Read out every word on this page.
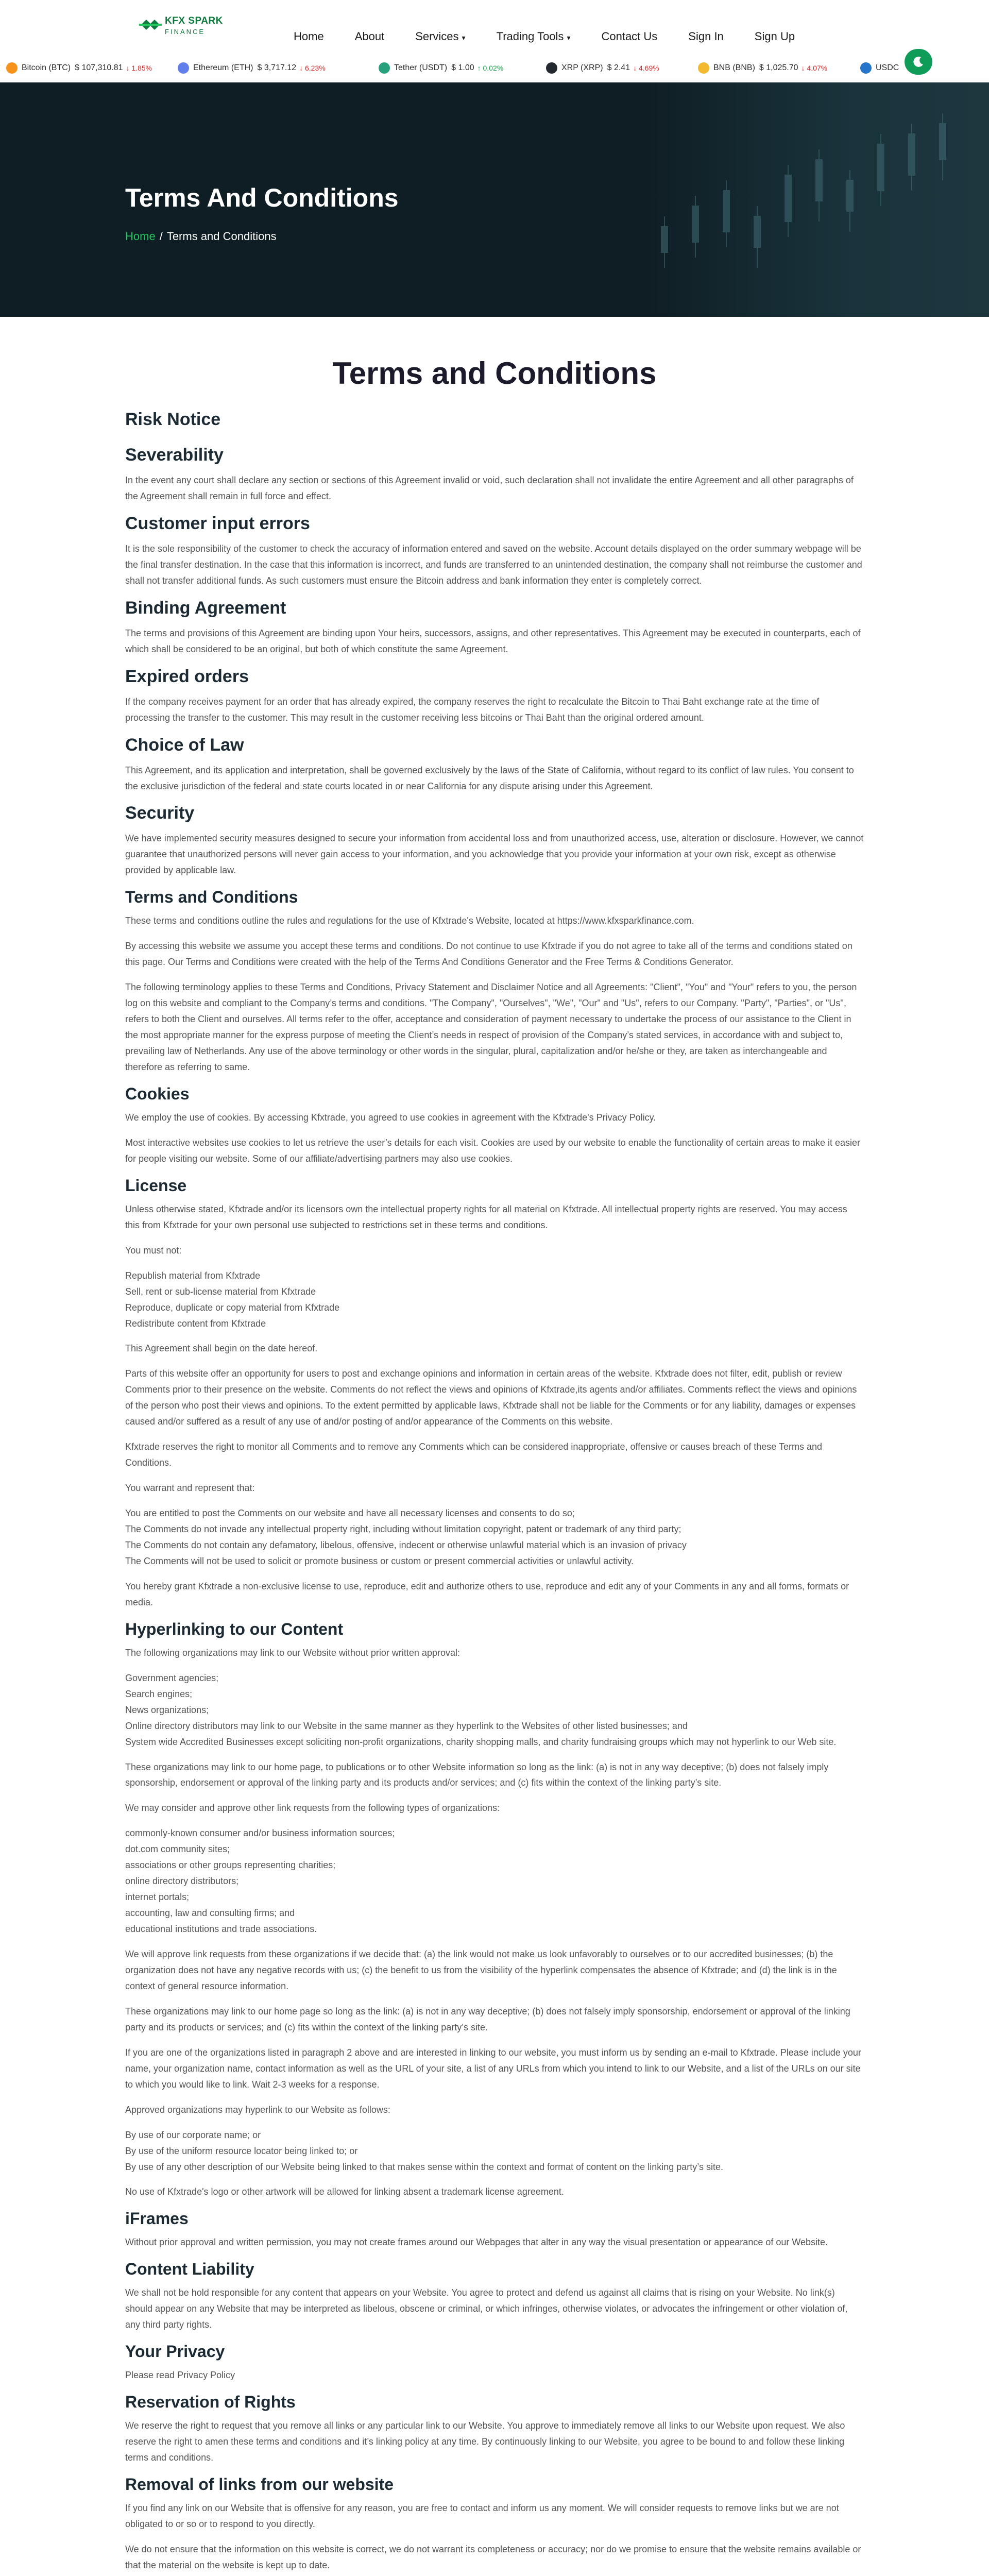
KFX SPARK
FINANCE	Home	About	Services ▾	Trading Tools ▾	Contact Us	Sign In	Sign Up
Bitcoin (BTC) $ 107,310.81 ↓ 1.85%	Ethereum (ETH) $ 3,717.12 ↓ 6.23%	Tether (USDT) $ 1.00 ↑ 0.02%	XRP (XRP) $ 2.41 ↓ 4.69%	BNB (BNB) $ 1,025.70 ↓ 4.07%	USDC
Terms And Conditions
Home / Terms and Conditions
Terms and Conditions
Risk Notice
Severability
In the event any court shall declare any section or sections of this Agreement invalid or void, such declaration shall not invalidate the entire Agreement and all other paragraphs of the Agreement shall remain in full force and effect.
Customer input errors
It is the sole responsibility of the customer to check the accuracy of information entered and saved on the website. Account details displayed on the order summary webpage will be the final transfer destination. In the case that this information is incorrect, and funds are transferred to an unintended destination, the company shall not reimburse the customer and shall not transfer additional funds. As such customers must ensure the Bitcoin address and bank information they enter is completely correct.
Binding Agreement
The terms and provisions of this Agreement are binding upon Your heirs, successors, assigns, and other representatives. This Agreement may be executed in counterparts, each of which shall be considered to be an original, but both of which constitute the same Agreement.
Expired orders
If the company receives payment for an order that has already expired, the company reserves the right to recalculate the Bitcoin to Thai Baht exchange rate at the time of processing the transfer to the customer. This may result in the customer receiving less bitcoins or Thai Baht than the original ordered amount.
Choice of Law
This Agreement, and its application and interpretation, shall be governed exclusively by the laws of the State of California, without regard to its conflict of law rules. You consent to the exclusive jurisdiction of the federal and state courts located in or near California for any dispute arising under this Agreement.
Security
We have implemented security measures designed to secure your information from accidental loss and from unauthorized access, use, alteration or disclosure. However, we cannot guarantee that unauthorized persons will never gain access to your information, and you acknowledge that you provide your information at your own risk, except as otherwise provided by applicable law.
Terms and Conditions
These terms and conditions outline the rules and regulations for the use of Kfxtrade's Website, located at https://www.kfxsparkfinance.com.
By accessing this website we assume you accept these terms and conditions. Do not continue to use Kfxtrade if you do not agree to take all of the terms and conditions stated on this page. Our Terms and Conditions were created with the help of the Terms And Conditions Generator and the Free Terms & Conditions Generator.
The following terminology applies to these Terms and Conditions, Privacy Statement and Disclaimer Notice and all Agreements: "Client", "You" and "Your" refers to you, the person log on this website and compliant to the Company’s terms and conditions. "The Company", "Ourselves", "We", "Our" and "Us", refers to our Company. "Party", "Parties", or "Us", refers to both the Client and ourselves. All terms refer to the offer, acceptance and consideration of payment necessary to undertake the process of our assistance to the Client in the most appropriate manner for the express purpose of meeting the Client’s needs in respect of provision of the Company’s stated services, in accordance with and subject to, prevailing law of Netherlands. Any use of the above terminology or other words in the singular, plural, capitalization and/or he/she or they, are taken as interchangeable and therefore as referring to same.
Cookies
We employ the use of cookies. By accessing Kfxtrade, you agreed to use cookies in agreement with the Kfxtrade's Privacy Policy.
Most interactive websites use cookies to let us retrieve the user’s details for each visit. Cookies are used by our website to enable the functionality of certain areas to make it easier for people visiting our website. Some of our affiliate/advertising partners may also use cookies.
License
Unless otherwise stated, Kfxtrade and/or its licensors own the intellectual property rights for all material on Kfxtrade. All intellectual property rights are reserved. You may access this from Kfxtrade for your own personal use subjected to restrictions set in these terms and conditions.
You must not:
Republish material from Kfxtrade
Sell, rent or sub-license material from Kfxtrade
Reproduce, duplicate or copy material from Kfxtrade
Redistribute content from Kfxtrade
This Agreement shall begin on the date hereof.
Parts of this website offer an opportunity for users to post and exchange opinions and information in certain areas of the website. Kfxtrade does not filter, edit, publish or review Comments prior to their presence on the website. Comments do not reflect the views and opinions of Kfxtrade,its agents and/or affiliates. Comments reflect the views and opinions of the person who post their views and opinions. To the extent permitted by applicable laws, Kfxtrade shall not be liable for the Comments or for any liability, damages or expenses caused and/or suffered as a result of any use of and/or posting of and/or appearance of the Comments on this website.
Kfxtrade reserves the right to monitor all Comments and to remove any Comments which can be considered inappropriate, offensive or causes breach of these Terms and Conditions.
You warrant and represent that:
You are entitled to post the Comments on our website and have all necessary licenses and consents to do so;
The Comments do not invade any intellectual property right, including without limitation copyright, patent or trademark of any third party;
The Comments do not contain any defamatory, libelous, offensive, indecent or otherwise unlawful material which is an invasion of privacy
The Comments will not be used to solicit or promote business or custom or present commercial activities or unlawful activity.
You hereby grant Kfxtrade a non-exclusive license to use, reproduce, edit and authorize others to use, reproduce and edit any of your Comments in any and all forms, formats or media.
Hyperlinking to our Content
The following organizations may link to our Website without prior written approval:
Government agencies;
Search engines;
News organizations;
Online directory distributors may link to our Website in the same manner as they hyperlink to the Websites of other listed businesses; and
System wide Accredited Businesses except soliciting non-profit organizations, charity shopping malls, and charity fundraising groups which may not hyperlink to our Web site.
These organizations may link to our home page, to publications or to other Website information so long as the link: (a) is not in any way deceptive; (b) does not falsely imply sponsorship, endorsement or approval of the linking party and its products and/or services; and (c) fits within the context of the linking party’s site.
We may consider and approve other link requests from the following types of organizations:
commonly-known consumer and/or business information sources;
dot.com community sites;
associations or other groups representing charities;
online directory distributors;
internet portals;
accounting, law and consulting firms; and
educational institutions and trade associations.
We will approve link requests from these organizations if we decide that: (a) the link would not make us look unfavorably to ourselves or to our accredited businesses; (b) the organization does not have any negative records with us; (c) the benefit to us from the visibility of the hyperlink compensates the absence of Kfxtrade; and (d) the link is in the context of general resource information.
These organizations may link to our home page so long as the link: (a) is not in any way deceptive; (b) does not falsely imply sponsorship, endorsement or approval of the linking party and its products or services; and (c) fits within the context of the linking party’s site.
If you are one of the organizations listed in paragraph 2 above and are interested in linking to our website, you must inform us by sending an e-mail to Kfxtrade. Please include your name, your organization name, contact information as well as the URL of your site, a list of any URLs from which you intend to link to our Website, and a list of the URLs on our site to which you would like to link. Wait 2-3 weeks for a response.
Approved organizations may hyperlink to our Website as follows:
By use of our corporate name; or
By use of the uniform resource locator being linked to; or
By use of any other description of our Website being linked to that makes sense within the context and format of content on the linking party’s site.
No use of Kfxtrade's logo or other artwork will be allowed for linking absent a trademark license agreement.
iFrames
Without prior approval and written permission, you may not create frames around our Webpages that alter in any way the visual presentation or appearance of our Website.
Content Liability
We shall not be hold responsible for any content that appears on your Website. You agree to protect and defend us against all claims that is rising on your Website. No link(s) should appear on any Website that may be interpreted as libelous, obscene or criminal, or which infringes, otherwise violates, or advocates the infringement or other violation of, any third party rights.
Your Privacy
Please read Privacy Policy
Reservation of Rights
We reserve the right to request that you remove all links or any particular link to our Website. You approve to immediately remove all links to our Website upon request. We also reserve the right to amen these terms and conditions and it’s linking policy at any time. By continuously linking to our Website, you agree to be bound to and follow these linking terms and conditions.
Removal of links from our website
If you find any link on our Website that is offensive for any reason, you are free to contact and inform us any moment. We will consider requests to remove links but we are not obligated to or so or to respond to you directly.
We do not ensure that the information on this website is correct, we do not warrant its completeness or accuracy; nor do we promise to ensure that the website remains available or that the material on the website is kept up to date.
